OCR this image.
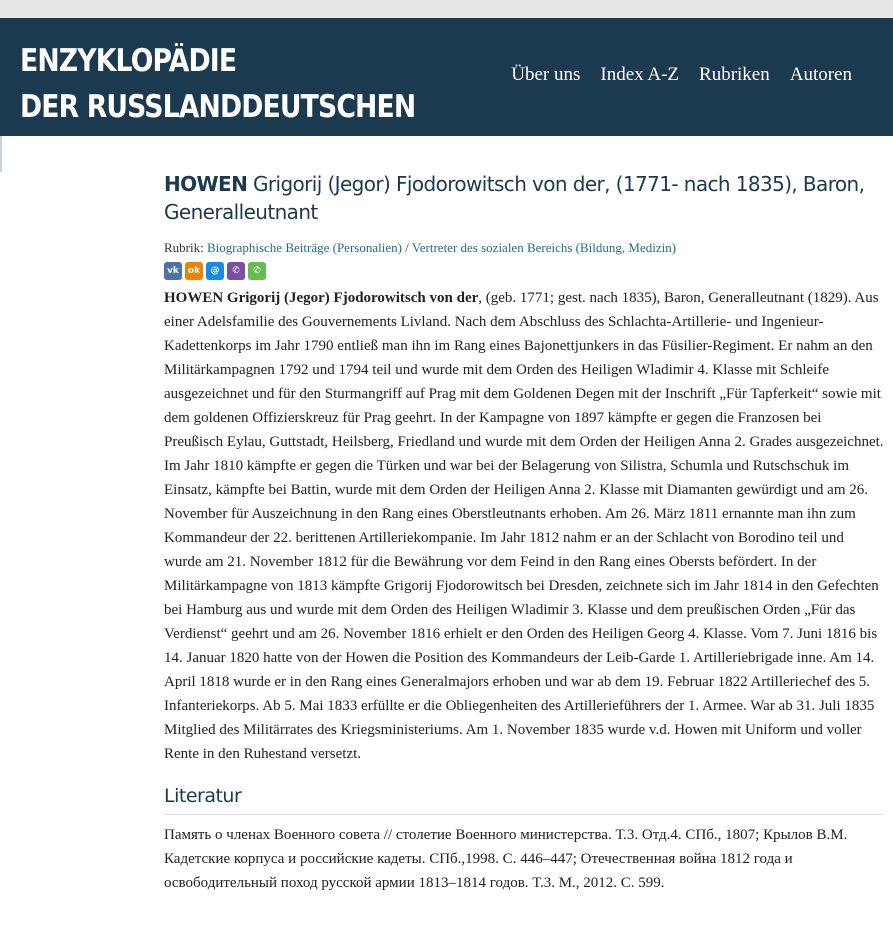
ENZYKLOPÄDIE
DER RUSSLANDDEUTSCHEN
Über uns Index A-Z Rubriken Autoren
HOWEN Grigorij (Jegor) Fjodorowitsch von der, (1771- nach 1835), Baron, Generalleutnant
Rubrik: Biographische Beiträge (Personalien) / Vertreter des sozialen Bereichs (Bildung, Medizin)
vk ok	@	✆	✆
HOWEN Grigorij (Jegor) Fjodorowitsch von der, (geb. 1771; gest. nach 1835), Baron, Generalleutnant (1829). Aus einer Adelsfamilie des Gouvernements Livland. Nach dem Abschluss des Schlachta-Artillerie- und Ingenieur- Kadettenkorps im Jahr 1790 entließ man ihn im Rang eines Bajonettjunkers in das Füsilier-Regiment. Er nahm an den Militärkampagnen 1792 und 1794 teil und wurde mit dem Orden des Heiligen Wladimir 4. Klasse mit Schleife ausgezeichnet und für den Sturmangriff auf Prag mit dem Goldenen Degen mit der Inschrift „Für Tapferkeit“ sowie mit dem goldenen Offizierskreuz für Prag geehrt. In der Kampagne von 1897 kämpfte er gegen die Franzosen bei Preußisch Eylau, Guttstadt, Heilsberg, Friedland und wurde mit dem Orden der Heiligen Anna 2. Grades ausgezeichnet. Im Jahr 1810 kämpfte er gegen die Türken und war bei der Belagerung von Silistra, Schumla und Rutschschuk im Einsatz, kämpfte bei Battin, wurde mit dem Orden der Heiligen Anna 2. Klasse mit Diamanten gewürdigt und am 26. November für Auszeichnung in den Rang eines Oberstleutnants erhoben. Am 26. März 1811 ernannte man ihn zum Kommandeur der 22. berittenen Artilleriekompanie. Im Jahr 1812 nahm er an der Schlacht von Borodino teil und wurde am 21. November 1812 für die Bewährung vor dem Feind in den Rang eines Obersts befördert. In der Militärkampagne von 1813 kämpfte Grigorij Fjodorowitsch bei Dresden, zeichnete sich im Jahr 1814 in den Gefechten bei Hamburg aus und wurde mit dem Orden des Heiligen Wladimir 3. Klasse und dem preußischen Orden „Für das Verdienst“ geehrt und am 26. November 1816 erhielt er den Orden des Heiligen Georg 4. Klasse. Vom 7. Juni 1816 bis 14. Januar 1820 hatte von der Howen die Position des Kommandeurs der Leib-Garde 1. Artilleriebrigade inne. Am 14. April 1818 wurde er in den Rang eines Generalmajors erhoben und war ab dem 19. Februar 1822 Artilleriechef des 5. Infanteriekorps. Ab 5. Mai 1833 erfüllte er die Obliegenheiten des Artillerieführers der 1. Armee. War ab 31. Juli 1835 Mitglied des Militärrates des Kriegsministeriums. Am 1. November 1835 wurde v.d. Howen mit Uniform und voller Rente in den Ruhestand versetzt.
Literatur
Память о членах Военного совета // столетие Военного министерства. Т.3. Отд.4. СПб., 1807; Крылов В.М. Кадетские корпуса и российские кадеты. СПб.,1998. С. 446–447; Отечественная война 1812 года и освободительный поход русской армии 1813–1814 годов. Т.3. М., 2012. С. 599.
